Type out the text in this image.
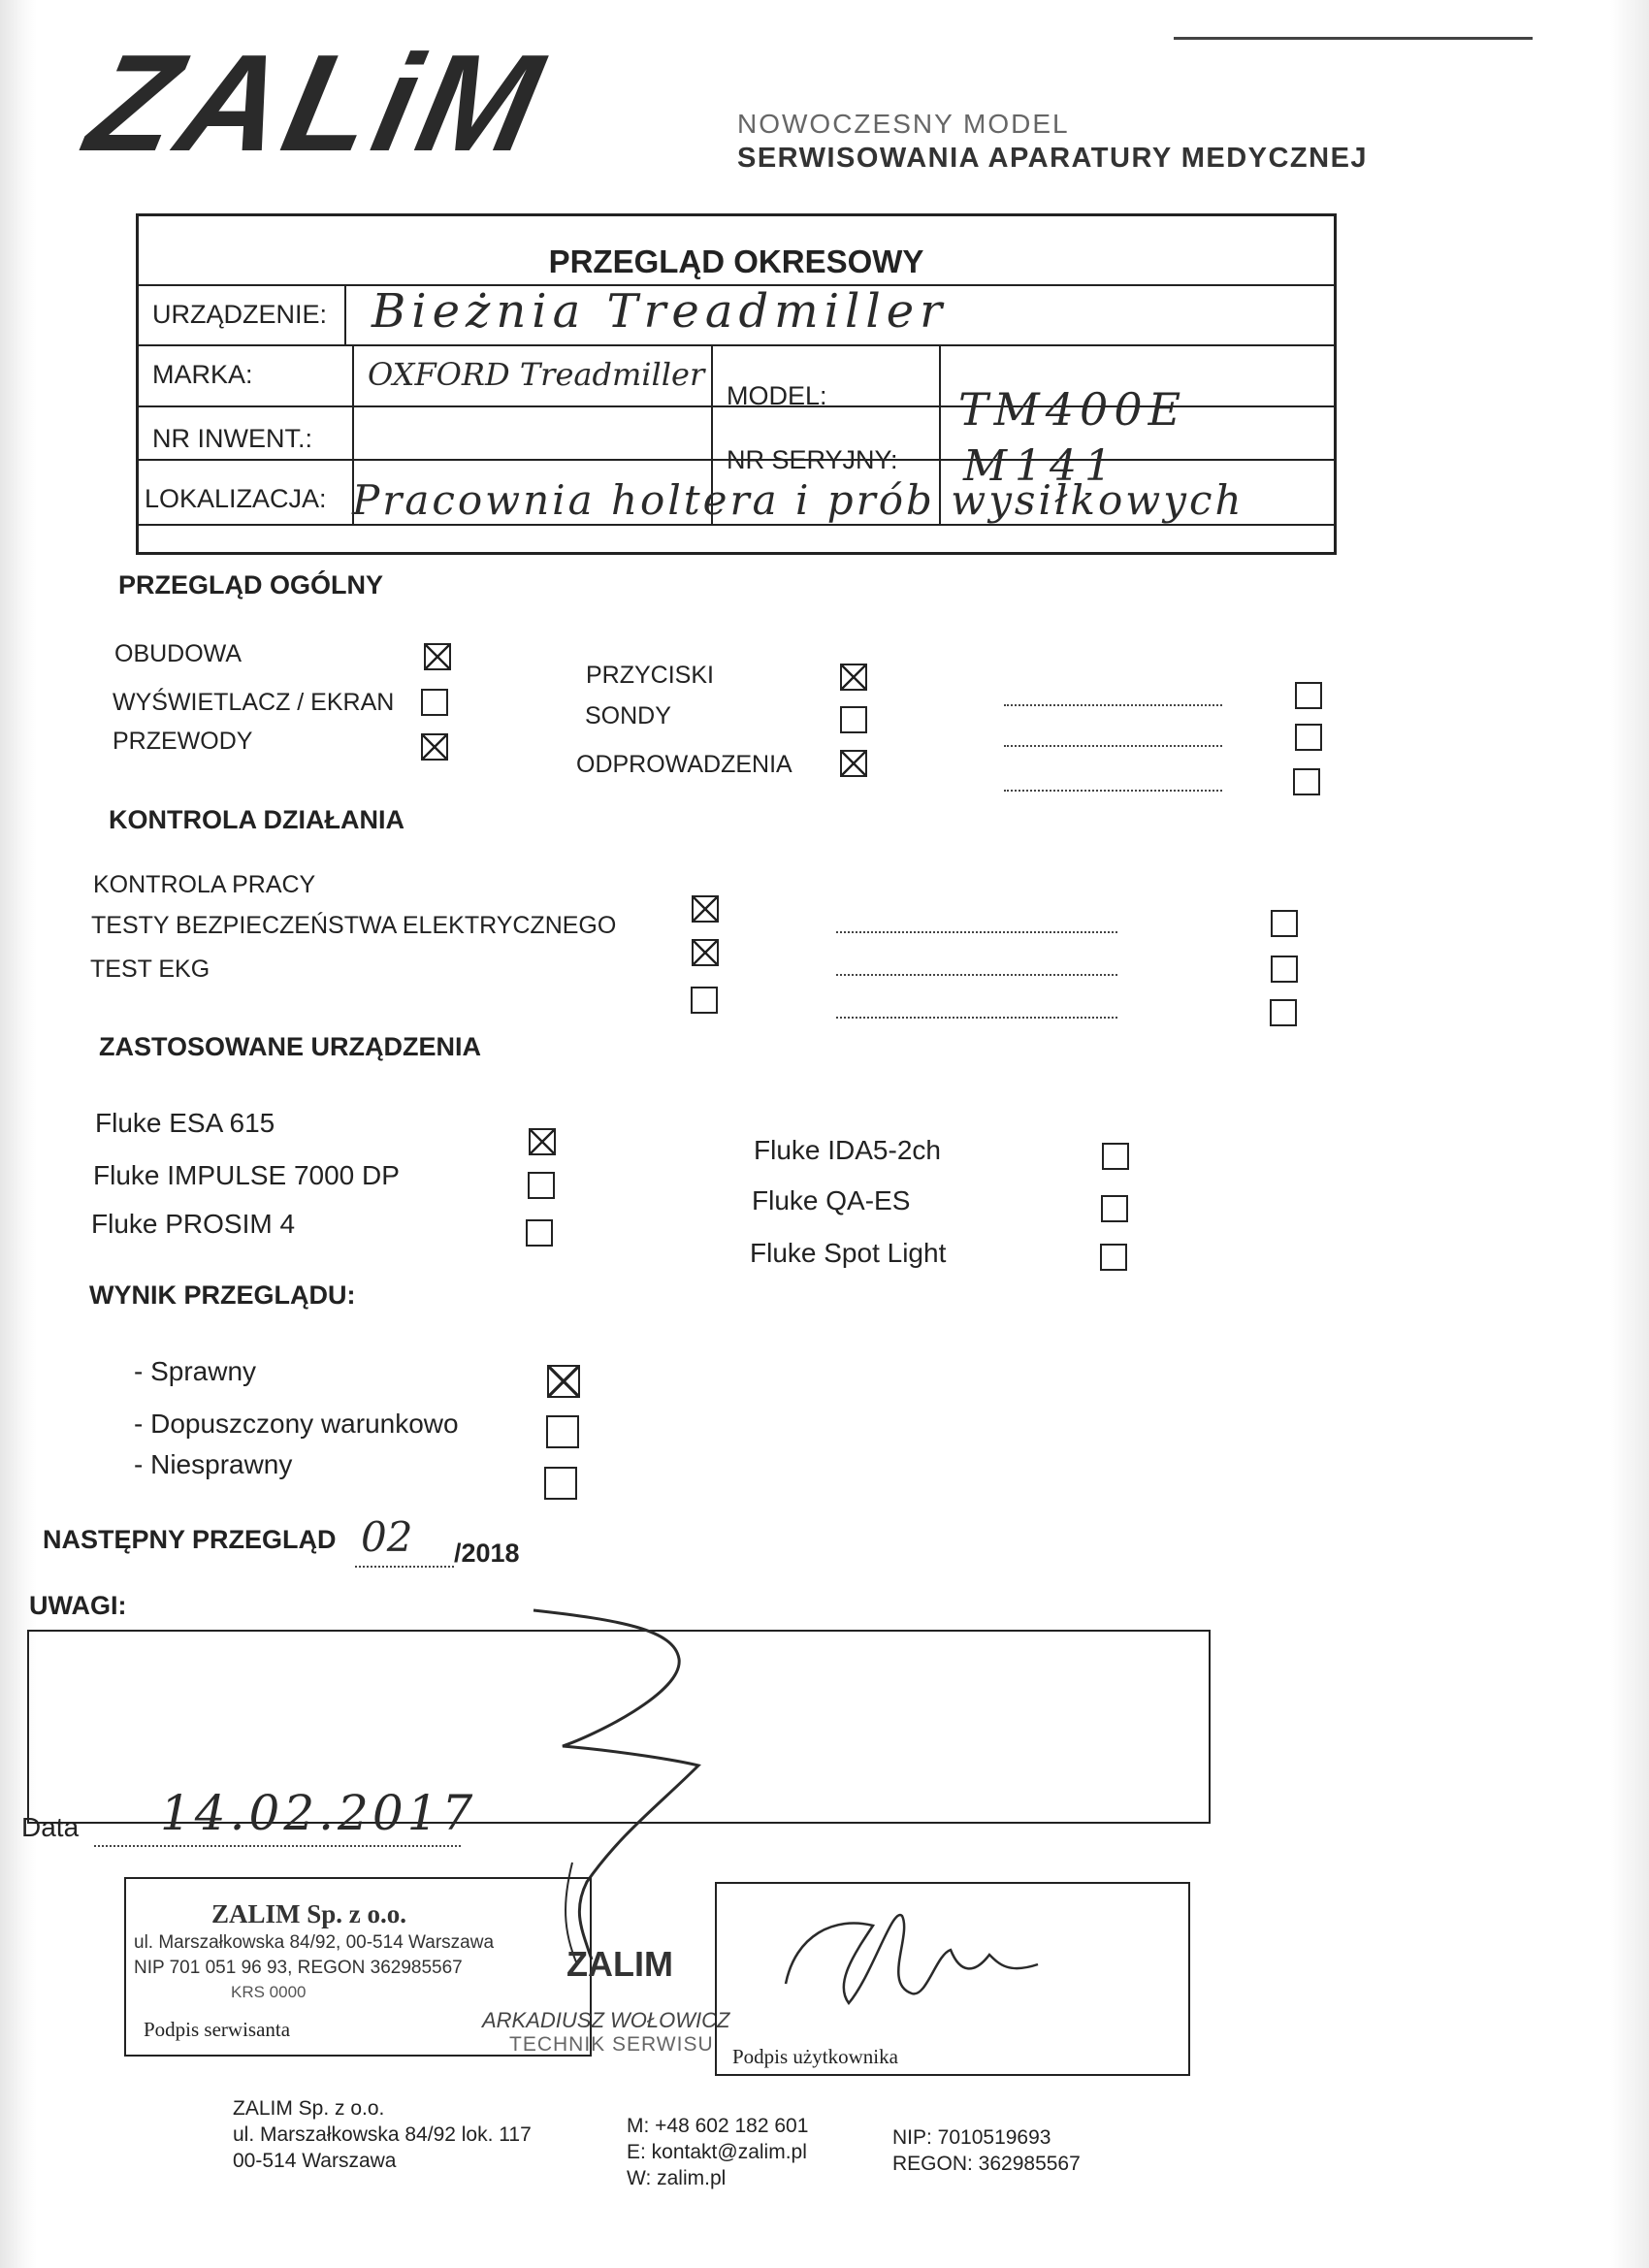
ZALiM	NOWOCZESNY MODEL
SERWISOWANIA APARATURY MEDYCZNEJ
PRZEGLĄD OKRESOWY
URZĄDZENIE: Bieżnia Treadmiller
MARKA:	OXFORD Treadmiller
MODEL:	TM400E
NR INWENT.:
NR SERYJNY: M141
LOKALIZACJA: Pracownia holtera i prób wysiłkowych
PRZEGLĄD OGÓLNY
OBUDOWA
WYŚWIETLACZ / EKRAN
PRZEWODY
PRZYCISKI
SONDY
ODPROWADZENIA
KONTROLA DZIAŁANIA
KONTROLA PRACY
TESTY BEZPIECZEŃSTWA ELEKTRYCZNEGO
TEST EKG
ZASTOSOWANE URZĄDZENIA
Fluke ESA 615
Fluke IMPULSE 7000 DP
Fluke PROSIM 4
Fluke IDA5-2ch
Fluke QA-ES
Fluke Spot Light
WYNIK PRZEGLĄDU:
- Sprawny
- Dopuszczony warunkowo
- Niesprawny
NASTĘPNY PRZEGLĄD 02 /2018
UWAGI:
Data 14.02.2017
ZALIM Sp. z o.o.
ul. Marszałkowska 84/92, 00-514 Warszawa
NIP 701 051 96 93, REGON 362985567
KRS 0000
Podpis serwisanta
ZALIM
ARKADIUSZ WOŁOWICZ
TECHNIK SERWISU
Podpis użytkownika
ZALIM Sp. z o.o.
ul. Marszałkowska 84/92 lok. 117
00-514 Warszawa
M: +48 602 182 601
E: kontakt@zalim.pl
W: zalim.pl
NIP: 7010519693
REGON: 362985567
